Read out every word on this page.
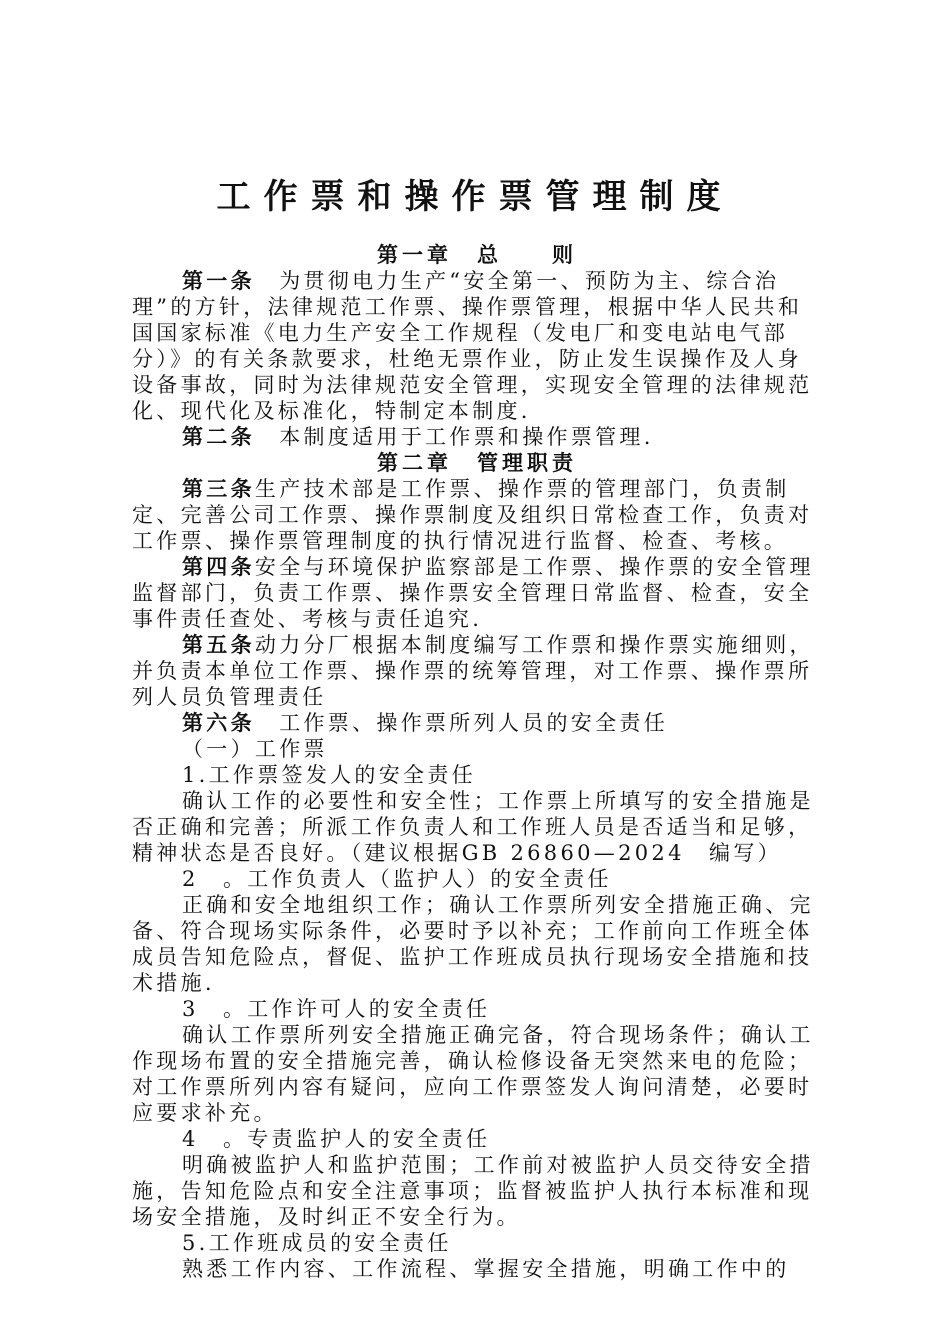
工作票和操作票管理制度

第一章　总　　则

第一条　为贯彻电力生产“安全第一、预防为主、综合治理”的方针，法律规范工作票、操作票管理，根据中华人民共和国国家标准《电力生产安全工作规程（发电厂和变电站电气部分）》的有关条款要求，杜绝无票作业，防止发生误操作及人身设备事故，同时为法律规范安全管理，实现安全管理的法律规范化、现代化及标准化，特制定本制度.

第二条　本制度适用于工作票和操作票管理.

第二章　管理职责

第三条生产技术部是工作票、操作票的管理部门，负责制定、完善公司工作票、操作票制度及组织日常检查工作，负责对工作票、操作票管理制度的执行情况进行监督、检查、考核。

第四条安全与环境保护监察部是工作票、操作票的安全管理监督部门，负责工作票、操作票安全管理日常监督、检查，安全事件责任查处、考核与责任追究.

第五条动力分厂根据本制度编写工作票和操作票实施细则，并负责本单位工作票、操作票的统筹管理，对工作票、操作票所列人员负管理责任

第六条　工作票、操作票所列人员的安全责任

（一）工作票

1.工作票签发人的安全责任

确认工作的必要性和安全性；工作票上所填写的安全措施是否正确和完善；所派工作负责人和工作班人员是否适当和足够，精神状态是否良好。（建议根据GB 26860—2024　编写）

2　。工作负责人（监护人）的安全责任

正确和安全地组织工作；确认工作票所列安全措施正确、完备、符合现场实际条件，必要时予以补充；工作前向工作班全体成员告知危险点，督促、监护工作班成员执行现场安全措施和技术措施.

3　。工作许可人的安全责任

确认工作票所列安全措施正确完备，符合现场条件；确认工作现场布置的安全措施完善，确认检修设备无突然来电的危险；对工作票所列内容有疑问，应向工作票签发人询问清楚，必要时应要求补充。

4　。专责监护人的安全责任

明确被监护人和监护范围；工作前对被监护人员交待安全措施，告知危险点和安全注意事项；监督被监护人执行本标准和现场安全措施，及时纠正不安全行为。

5.工作班成员的安全责任

熟悉工作内容、工作流程、掌握安全措施，明确工作中的
